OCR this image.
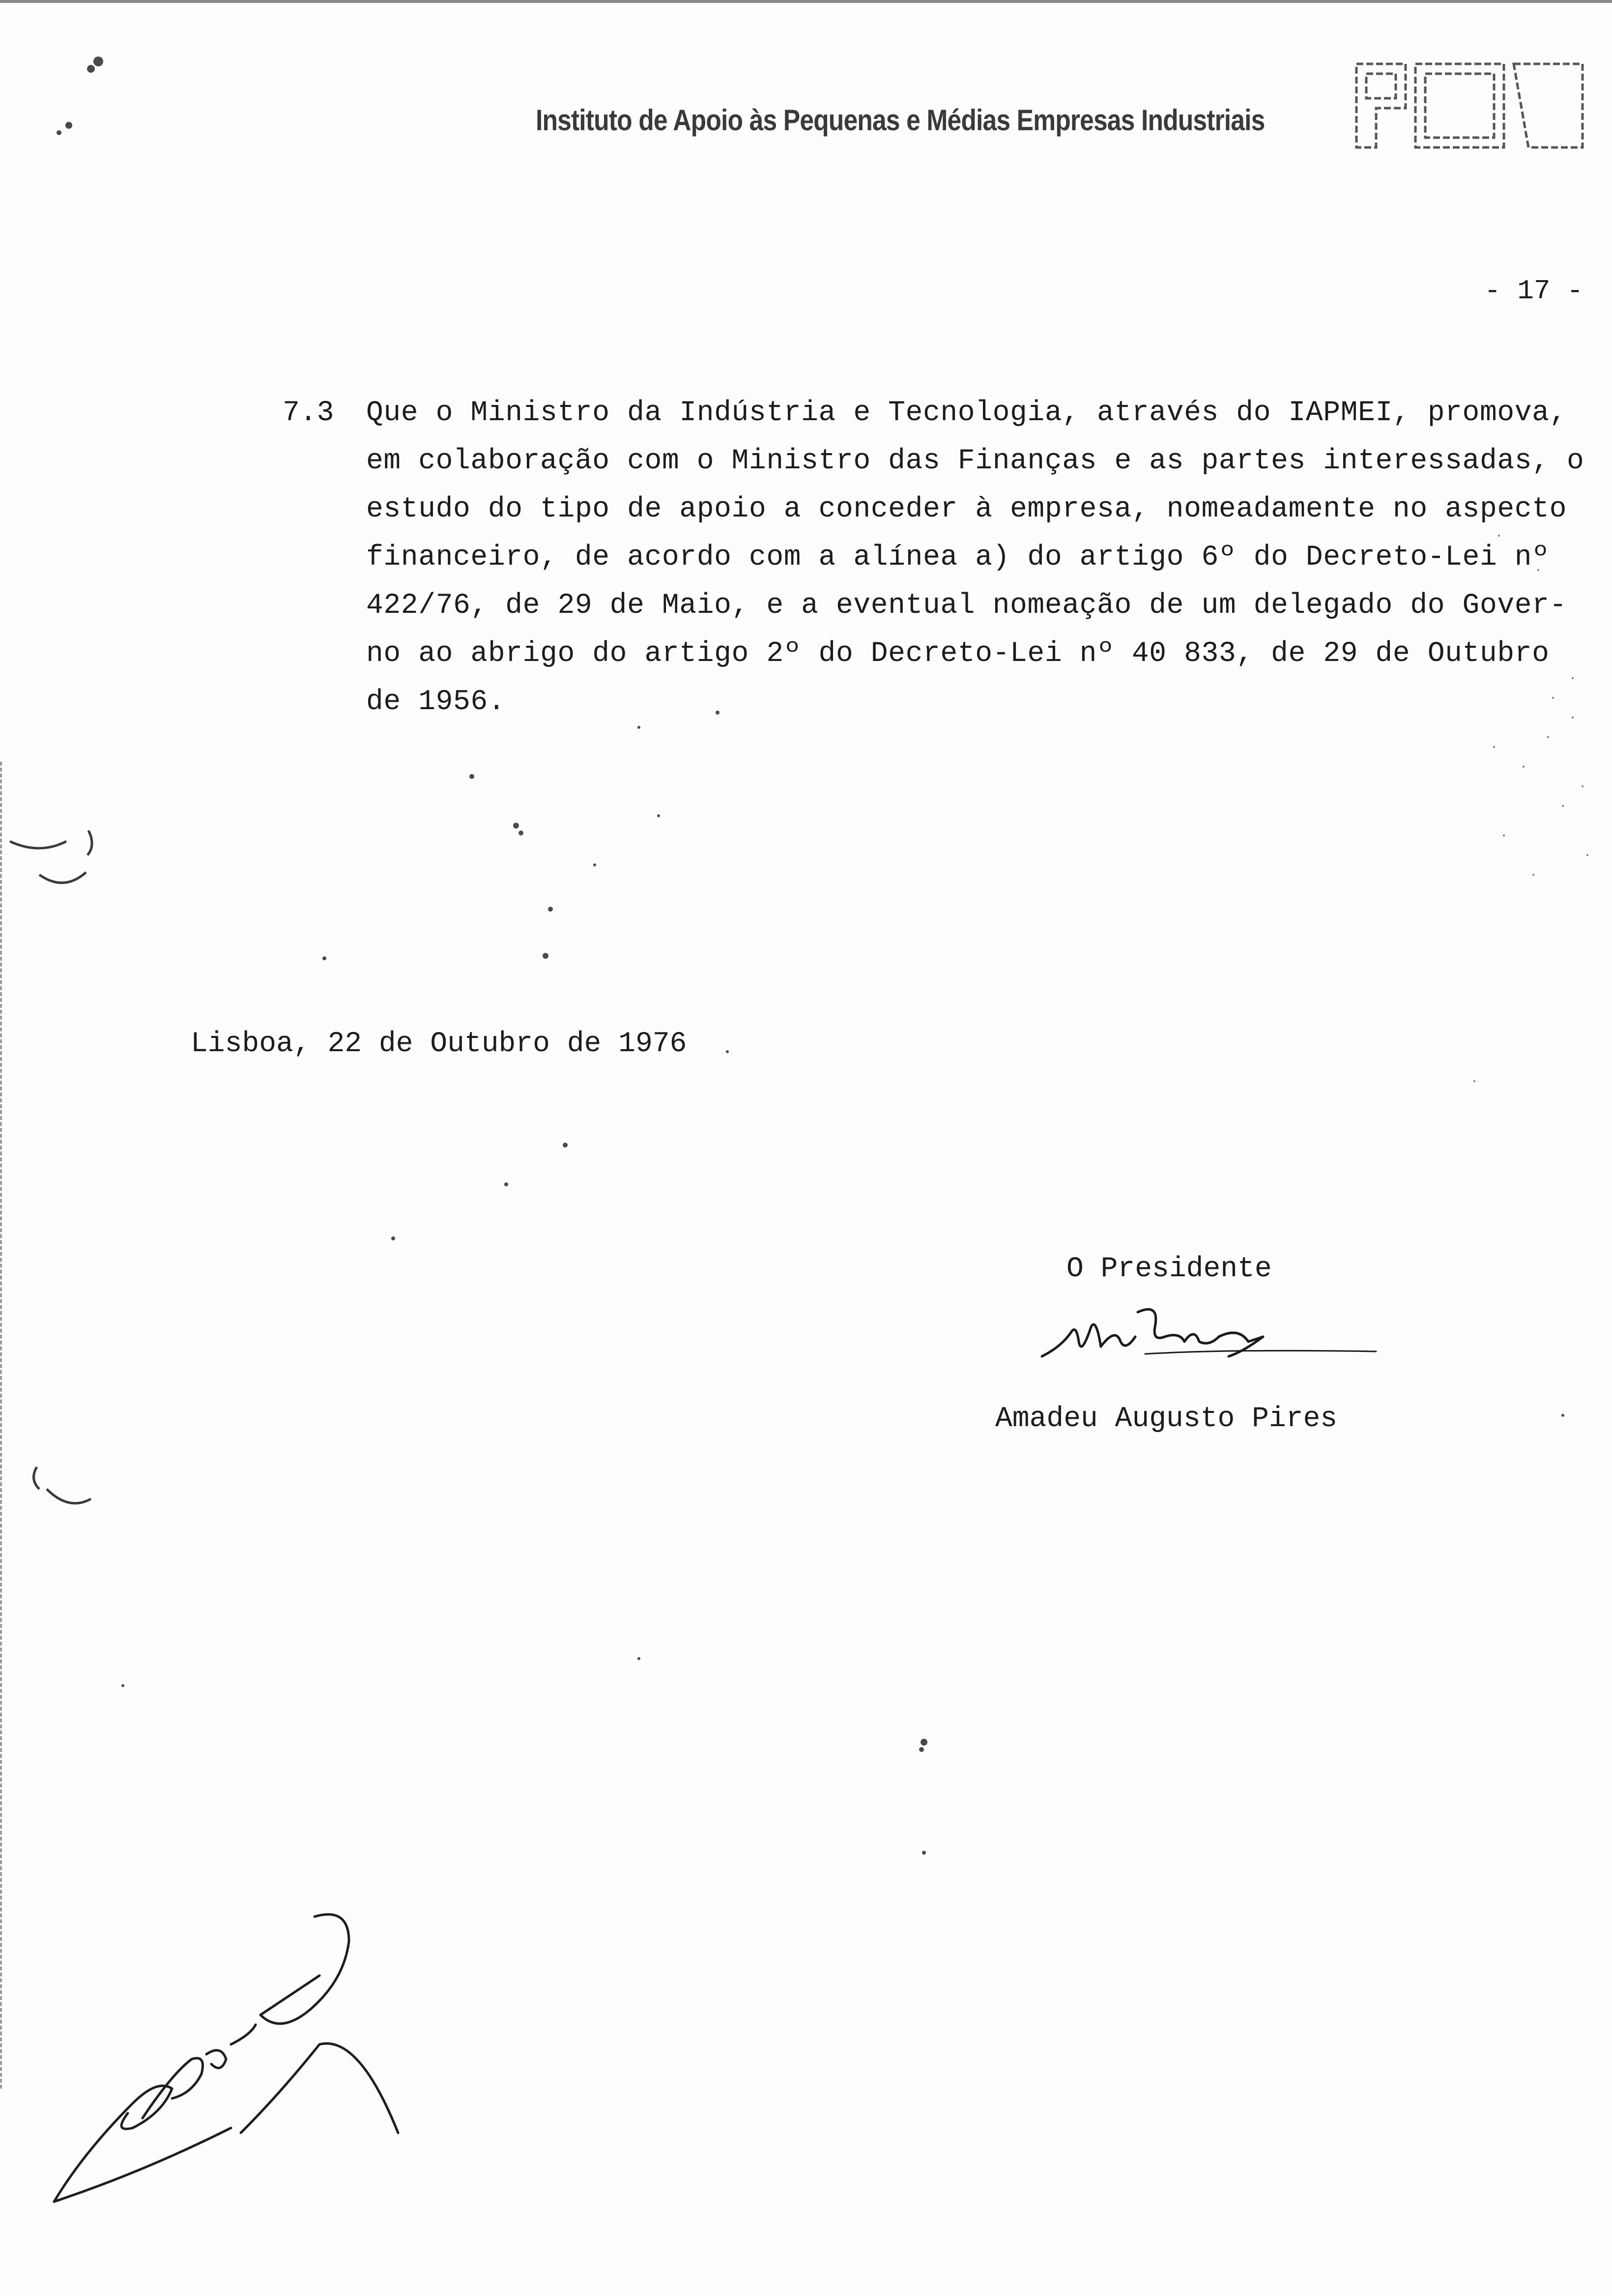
Instituto de Apoio às Pequenas e Médias Empresas Industriais
- 17 -
7.3 Que o Ministro da Indústria e Tecnologia, através do IAPMEI, promova,
em colaboração com o Ministro das Finanças e as partes interessadas, o
estudo do tipo de apoio a conceder à empresa, nomeadamente no aspecto
financeiro, de acordo com a alínea a) do artigo 6º do Decreto-Lei nº
422/76, de 29 de Maio, e a eventual nomeação de um delegado do Gover-
no ao abrigo do artigo 2º do Decreto-Lei nº 40 833, de 29 de Outubro
de 1956.
Lisboa, 22 de Outubro de 1976
O Presidente
Amadeu Augusto Pires
